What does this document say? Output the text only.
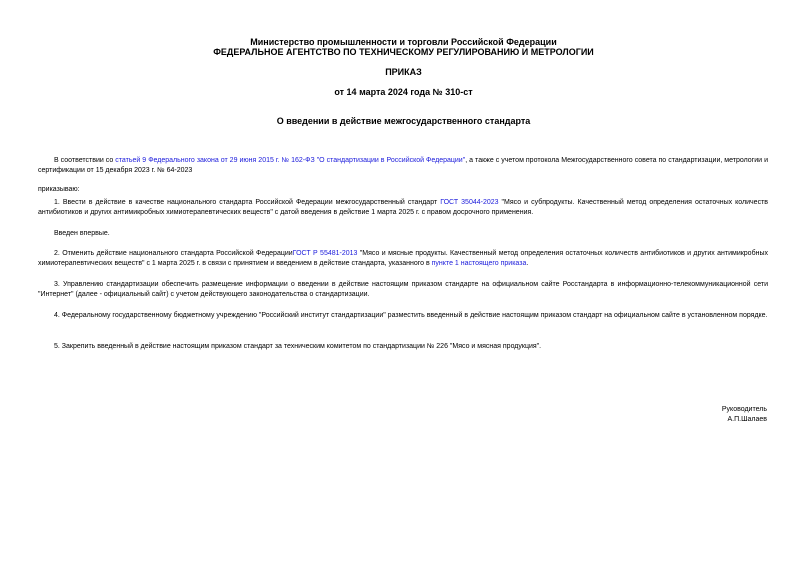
Министерство промышленности и торговли Российской Федерации
ФЕДЕРАЛЬНОЕ АГЕНТСТВО ПО ТЕХНИЧЕСКОМУ РЕГУЛИРОВАНИЮ И МЕТРОЛОГИИ
ПРИКАЗ
от 14 марта 2024 года № 310-ст
О введении в действие межгосударственного стандарта
В соответствии со статьей 9 Федерального закона от 29 июня 2015 г. № 162-ФЗ "О стандартизации в Российской Федерации", а также с учетом протокола Межгосударственного совета по стандартизации, метрологии и сертификации от 15 декабря 2023 г. № 64-2023
приказываю:
1. Ввести в действие в качестве национального стандарта Российской Федерации межгосударственный стандарт ГОСТ 35044-2023 "Мясо и субпродукты. Качественный метод определения остаточных количеств антибиотиков и других антимикробных химиотерапевтических веществ" с датой введения в действие 1 марта 2025 г. с правом досрочного применения.
Введен впервые.
2. Отменить действие национального стандарта Российской ФедерацииГОСТ Р 55481-2013 "Мясо и мясные продукты. Качественный метод определения остаточных количеств антибиотиков и других антимикробных химиотерапевтических веществ" с 1 марта 2025 г. в связи с принятием и введением в действие стандарта, указанного в пункте 1 настоящего приказа.
3. Управлению стандартизации обеспечить размещение информации о введении в действие настоящим приказом стандарте на официальном сайте Росстандарта в информационно-телекоммуникационной сети "Интернет" (далее - официальный сайт) с учетом действующего законодательства о стандартизации.
4. Федеральному государственному бюджетному учреждению "Российский институт стандартизации" разместить введенный в действие настоящим приказом стандарт на официальном сайте в установленном порядке.
5. Закрепить введенный в действие настоящим приказом стандарт за техническим комитетом по стандартизации № 226 "Мясо и мясная продукция".
Руководитель
А.П.Шалаев
